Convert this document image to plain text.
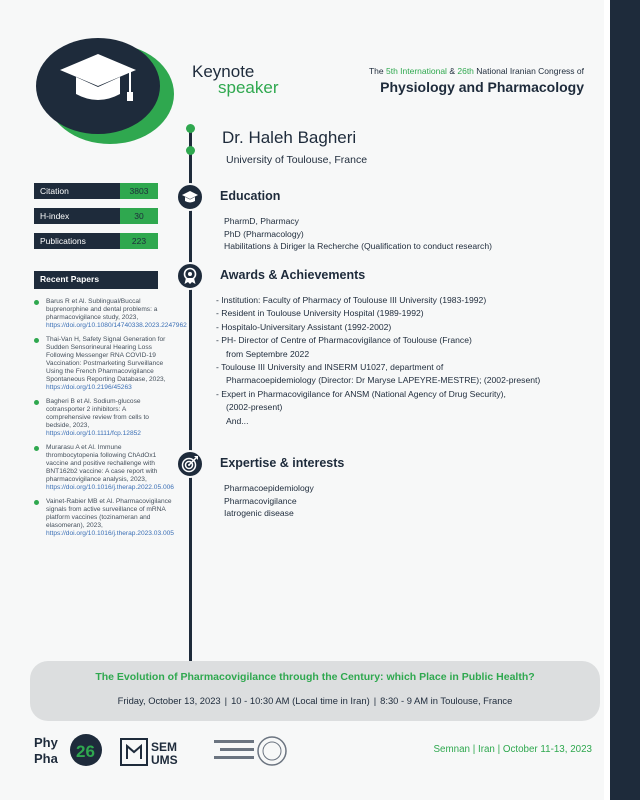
Keynote
speaker
The 5th International & 26th National Iranian Congress of
Physiology and Pharmacology
Dr. Haleh Bagheri
University of Toulouse, France
Education
PharmD, Pharmacy
PhD (Pharmacology)
Habilitations à Diriger la Recherche (Qualification to conduct research)
Awards & Achievements
- Institution: Faculty of Pharmacy of Toulouse III University (1983-1992)
- Resident in Toulouse University Hospital (1989-1992)
- Hospitalo-Universitary Assistant (1992-2002)
- PH- Director of Centre of Pharmacovigilance of Toulouse (France)
from Septembre 2022
- Toulouse III University and INSERM U1027, department of
Pharmacoepidemiology (Director: Dr Maryse LAPEYRE-MESTRE); (2002-present)
- Expert in Pharmacovigilance for ANSM (National Agency of Drug Security),
(2002-present)
And...
Expertise & interests
Pharmacoepidemiology
Pharmacovigilance
Iatrogenic disease
Citation	3803
H-index	30
Publications	223
Recent Papers
Barus R et Al. Sublingual/Buccal buprenorphine and dental problems: a pharmacovigilance study, 2023, https://doi.org/10.1080/14740338.2023.2247962
Thai-Van H, Safety Signal Generation for Sudden Sensorineural Hearing Loss Following Messenger RNA COVID-19 Vaccination: Postmarketing Surveillance Using the French Pharmacovigilance Spontaneous Reporting Database, 2023, https://doi.org/10.2196/45263
Bagheri B et Al. Sodium-glucose cotransporter 2 inhibitors: A comprehensive review from cells to bedside, 2023, https://doi.org/10.1111/fcp.12852
Murarasu A et Al. Immune thrombocytopenia following ChAdOx1 vaccine and positive rechallenge with BNT162b2 vaccine: A case report with pharmacovigilance analysis, 2023, https://doi.org/10.1016/j.therap.2022.05.006
Vainet-Rabier MB et Al. Pharmacovigilance signals from active surveillance of mRNA platform vaccines (tozinameran and elasomeran), 2023, https://doi.org/10.1016/j.therap.2023.03.005
The Evolution of Pharmacovigilance through the Century: which Place in Public Health?
Friday, October 13, 2023 | 10 - 10:30 AM (Local time in Iran) | 8:30 - 9 AM in Toulouse, France
Phy
Pha 26	SEM
UMS
Semnan | Iran | October 11-13, 2023
